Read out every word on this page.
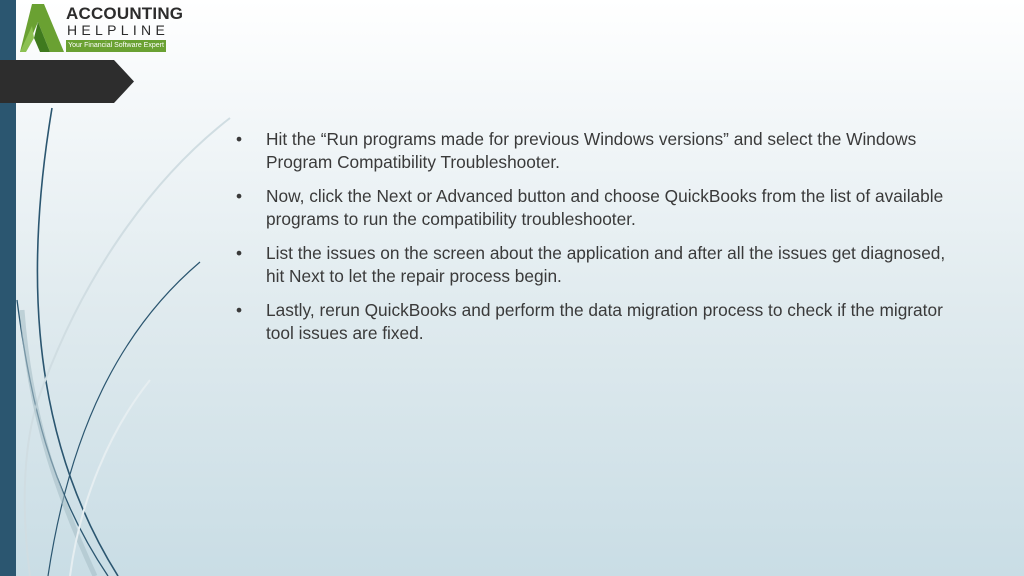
ACCOUNTING
HELPLINE
Your Financial Software Expert
•	Hit the “Run programs made for previous Windows versions” and select the Windows Program Compatibility Troubleshooter.
•	Now, click the Next or Advanced button and choose QuickBooks from the list of available programs to run the compatibility troubleshooter.
•	List the issues on the screen about the application and after all the issues get diagnosed, hit Next to let the repair process begin.
•	Lastly, rerun QuickBooks and perform the data migration process to check if the migrator tool issues are fixed.
